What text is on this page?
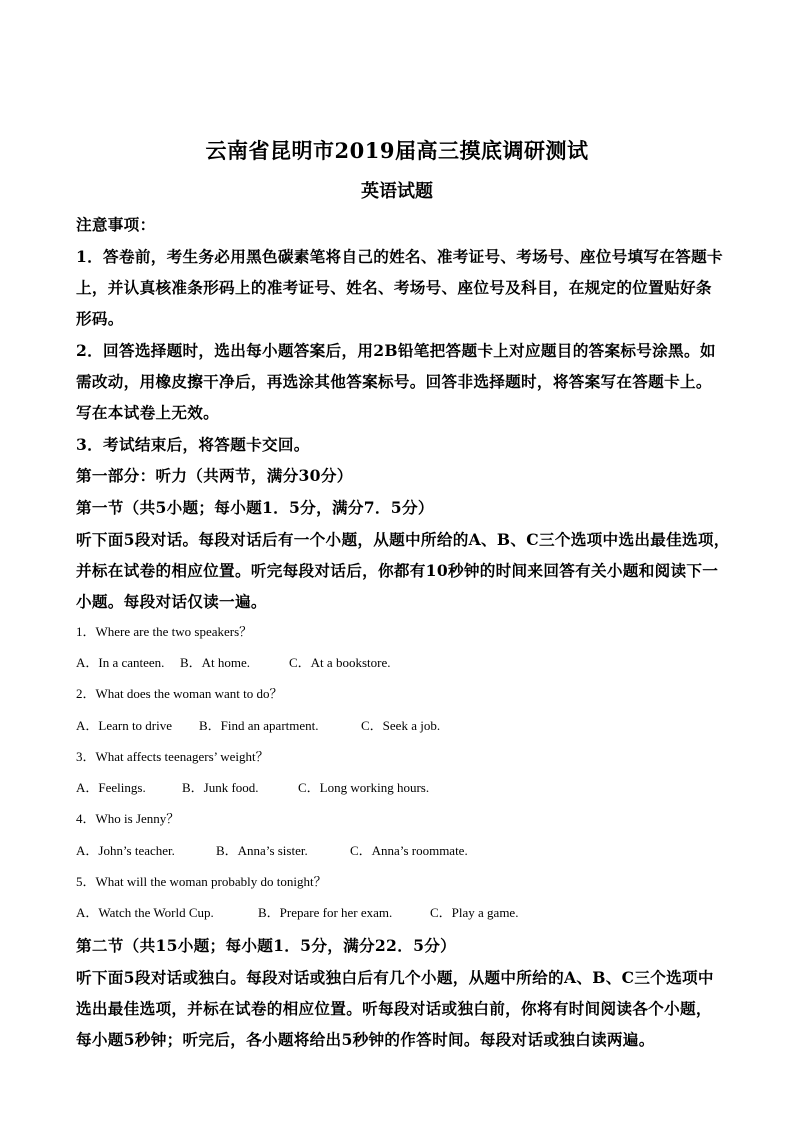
云南省昆明市2019届高三摸底调研测试
英语试题
注意事项：
1．答卷前，考生务必用黑色碳素笔将自己的姓名、准考证号、考场号、座位号填写在答题卡
上，并认真核准条形码上的准考证号、姓名、考场号、座位号及科目，在规定的位置贴好条
形码。
2．回答选择题时，选出每小题答案后，用2B铅笔把答题卡上对应题目的答案标号涂黑。如
需改动，用橡皮擦干净后，再选涂其他答案标号。回答非选择题时，将答案写在答题卡上。
写在本试卷上无效。
3．考试结束后，将答题卡交回。
第一部分：听力（共两节，满分30分）
第一节（共5小题；每小题1．5分，满分7．5分）
听下面5段对话。每段对话后有一个小题，从题中所给的A、B、C三个选项中选出最佳选项，
并标在试卷的相应位置。听完每段对话后，你都有10秒钟的时间来回答有关小题和阅读下一
小题。每段对话仅读一遍。
1．Where are the two speakers？
A．In a canteen. B．At home.	C．At a bookstore.
2．What does the woman want to do？
A．Learn to drive B．Find an apartment.	C．Seek a job.
3．What affects teenagers’ weight？
A．Feelings.	B．Junk food.	C．Long working hours.
4．Who is Jenny？
A．John’s teacher.	B．Anna’s sister.	C．Anna’s roommate.
5．What will the woman probably do tonight？
A．Watch the World Cup.	B．Prepare for her exam.	C．Play a game.
第二节（共15小题；每小题1．5分，满分22．5分）
听下面5段对话或独白。每段对话或独白后有几个小题，从题中所给的A、B、C三个选项中
选出最佳选项，并标在试卷的相应位置。听每段对话或独白前，你将有时间阅读各个小题，
每小题5秒钟；听完后，各小题将给出5秒钟的作答时间。每段对话或独白读两遍。
